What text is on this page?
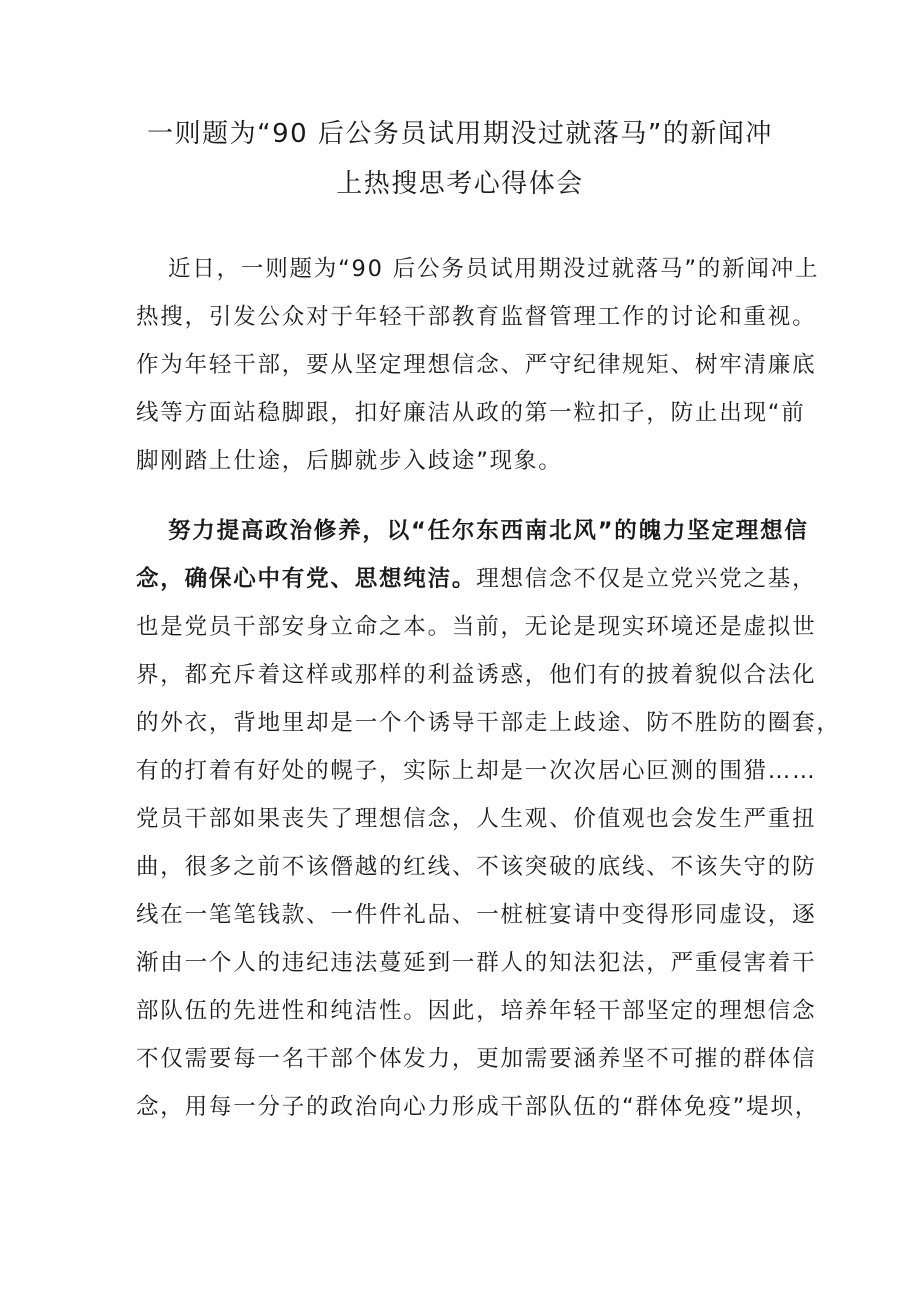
一则题为“90 后公务员试用期没过就落马”的新闻冲
上热搜思考心得体会
近日，一则题为“90 后公务员试用期没过就落马”的新闻冲上
热搜，引发公众对于年轻干部教育监督管理工作的讨论和重视。
作为年轻干部，要从坚定理想信念、严守纪律规矩、树牢清廉底
线等方面站稳脚跟，扣好廉洁从政的第一粒扣子，防止出现“前
脚刚踏上仕途，后脚就步入歧途”现象。
努力提高政治修养，以“任尔东西南北风”的魄力坚定理想信
念，确保心中有党、思想纯洁。理想信念不仅是立党兴党之基，
也是党员干部安身立命之本。当前，无论是现实环境还是虚拟世
界，都充斥着这样或那样的利益诱惑，他们有的披着貌似合法化
的外衣，背地里却是一个个诱导干部走上歧途、防不胜防的圈套，
有的打着有好处的幌子，实际上却是一次次居心叵测的围猎……
党员干部如果丧失了理想信念，人生观、价值观也会发生严重扭
曲，很多之前不该僭越的红线、不该突破的底线、不该失守的防
线在一笔笔钱款、一件件礼品、一桩桩宴请中变得形同虚设，逐
渐由一个人的违纪违法蔓延到一群人的知法犯法，严重侵害着干
部队伍的先进性和纯洁性。因此，培养年轻干部坚定的理想信念
不仅需要每一名干部个体发力，更加需要涵养坚不可摧的群体信
念，用每一分子的政治向心力形成干部队伍的“群体免疫”堤坝，
